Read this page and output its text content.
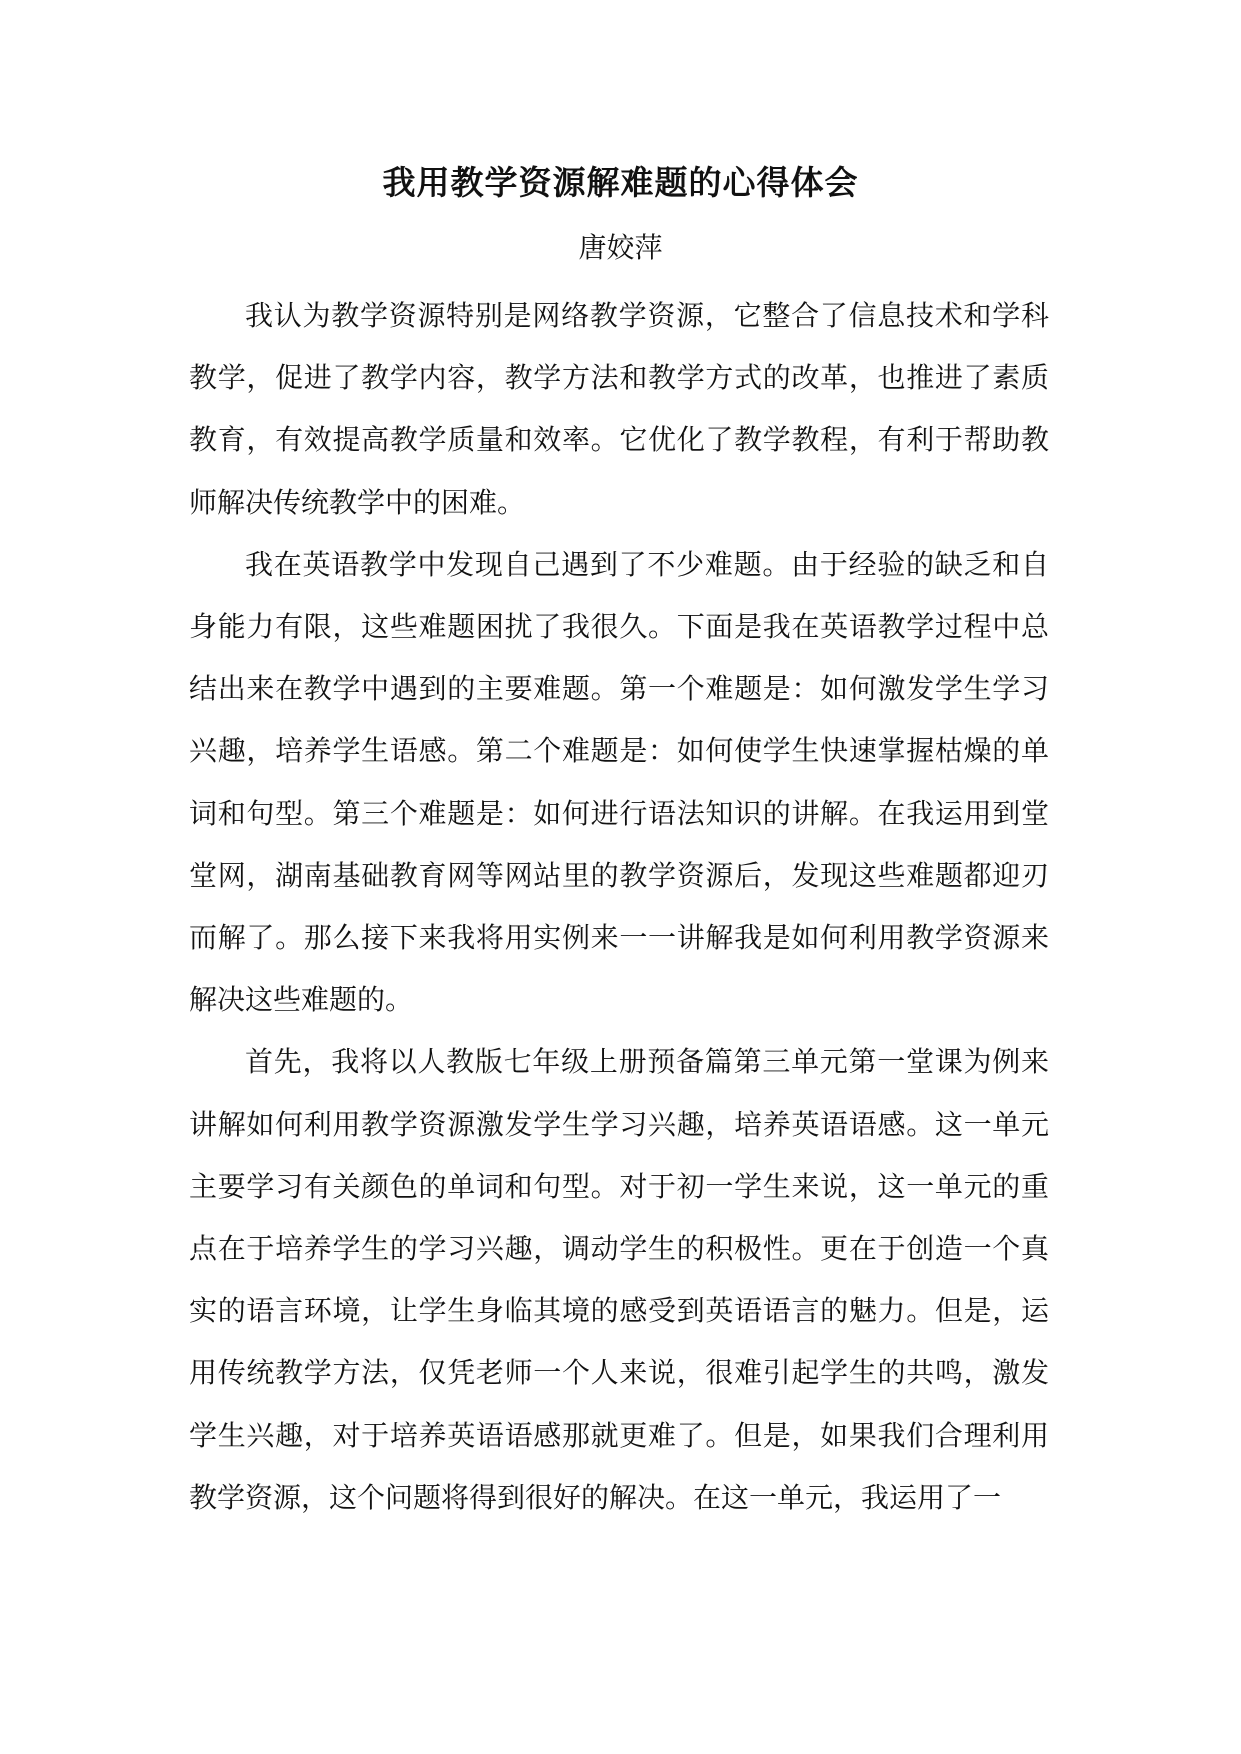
我用教学资源解难题的心得体会
唐姣萍

我认为教学资源特别是网络教学资源，它整合了信息技术和学科教学，促进了教学内容，教学方法和教学方式的改革，也推进了素质教育，有效提高教学质量和效率。它优化了教学教程，有利于帮助教师解决传统教学中的困难。

我在英语教学中发现自己遇到了不少难题。由于经验的缺乏和自身能力有限，这些难题困扰了我很久。下面是我在英语教学过程中总结出来在教学中遇到的主要难题。第一个难题是：如何激发学生学习兴趣，培养学生语感。第二个难题是：如何使学生快速掌握枯燥的单词和句型。第三个难题是：如何进行语法知识的讲解。在我运用到堂堂网，湖南基础教育网等网站里的教学资源后，发现这些难题都迎刃而解了。那么接下来我将用实例来一一讲解我是如何利用教学资源来解决这些难题的。

首先，我将以人教版七年级上册预备篇第三单元第一堂课为例来讲解如何利用教学资源激发学生学习兴趣，培养英语语感。这一单元主要学习有关颜色的单词和句型。对于初一学生来说，这一单元的重点在于培养学生的学习兴趣，调动学生的积极性。更在于创造一个真实的语言环境，让学生身临其境的感受到英语语言的魅力。但是，运用传统教学方法，仅凭老师一个人来说，很难引起学生的共鸣，激发学生兴趣，对于培养英语语感那就更难了。但是，如果我们合理利用教学资源，这个问题将得到很好的解决。在这一单元，我运用了一
